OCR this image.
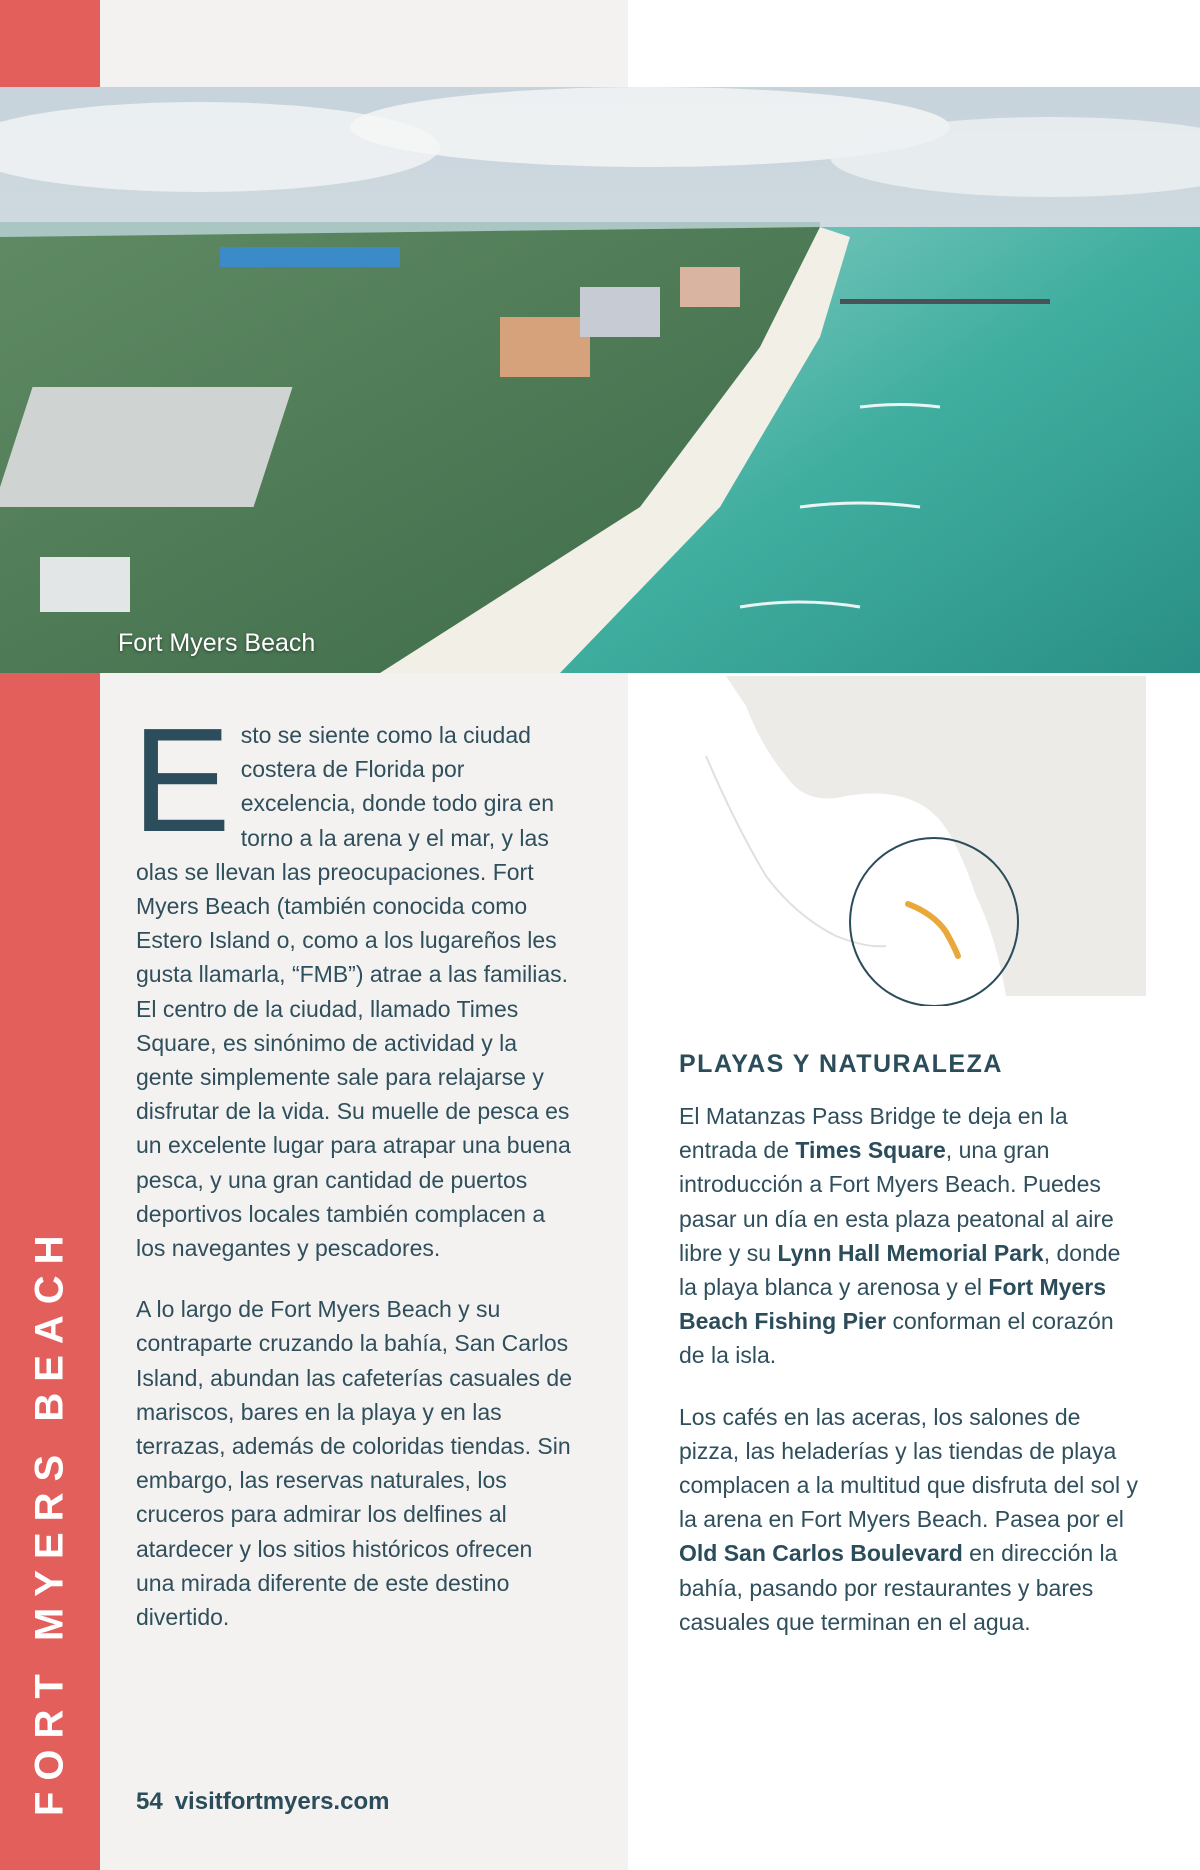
FORT MYERS BEACH
Fort Myers Beach

Esto se siente como la ciudad costera de Florida por excelencia, donde todo gira en torno a la arena y el mar, y las olas se llevan las preocupaciones. Fort Myers Beach (también conocida como Estero Island o, como a los lugareños les gusta llamarla, “FMB”) atrae a las familias. El centro de la ciudad, llamado Times Square, es sinónimo de actividad y la gente simplemente sale para relajarse y disfrutar de la vida. Su muelle de pesca es un excelente lugar para atrapar una buena pesca, y una gran cantidad de puertos deportivos locales también complacen a los navegantes y pescadores.

A lo largo de Fort Myers Beach y su contraparte cruzando la bahía, San Carlos Island, abundan las cafeterías casuales de mariscos, bares en la playa y en las terrazas, además de coloridas tiendas. Sin embargo, las reservas naturales, los cruceros para admirar los delfines al atardecer y los sitios históricos ofrecen una mirada diferente de este destino divertido.

PLAYAS Y NATURALEZA

El Matanzas Pass Bridge te deja en la entrada de Times Square, una gran introducción a Fort Myers Beach. Puedes pasar un día en esta plaza peatonal al aire libre y su Lynn Hall Memorial Park, donde la playa blanca y arenosa y el Fort Myers Beach Fishing Pier conforman el corazón de la isla.

Los cafés en las aceras, los salones de pizza, las heladerías y las tiendas de playa complacen a la multitud que disfruta del sol y la arena en Fort Myers Beach. Pasea por el Old San Carlos Boulevard en dirección la bahía, pasando por restaurantes y bares casuales que terminan en el agua.

54 visitfortmyers.com
